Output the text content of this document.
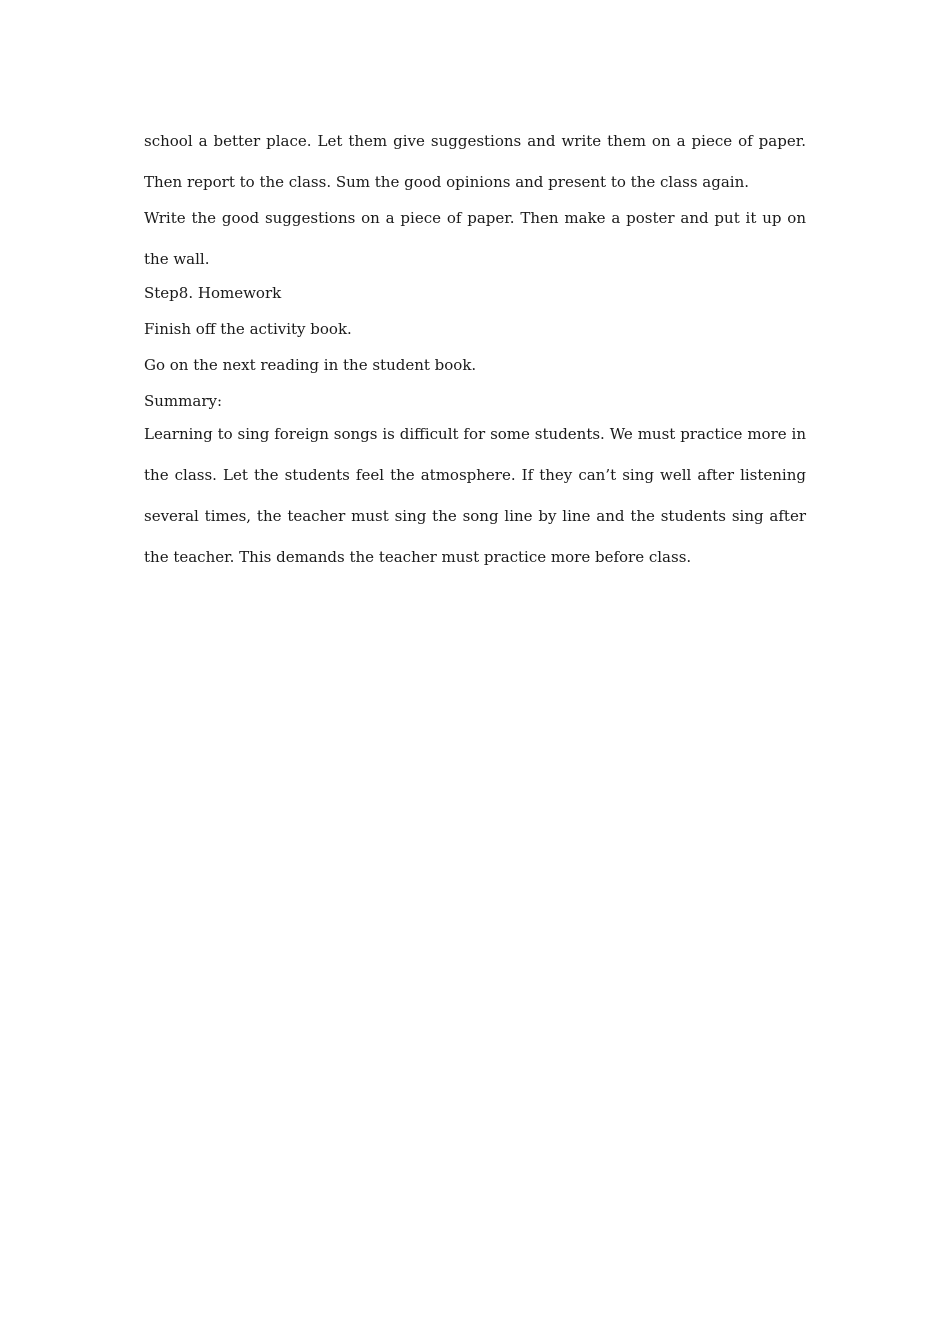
school a better place. Let them give suggestions and write them on a piece of paper. Then report to the class. Sum the good opinions and present to the class again.

Write the good suggestions on a piece of paper. Then make a poster and put it up on the wall.

Step8. Homework

Finish off the activity book.

Go on the next reading in the student book.

Summary:

Learning to sing foreign songs is difficult for some students. We must practice more in the class. Let the students feel the atmosphere. If they can’t sing well after listening several times, the teacher must sing the song line by line and the students sing after the teacher. This demands the teacher must practice more before class.
